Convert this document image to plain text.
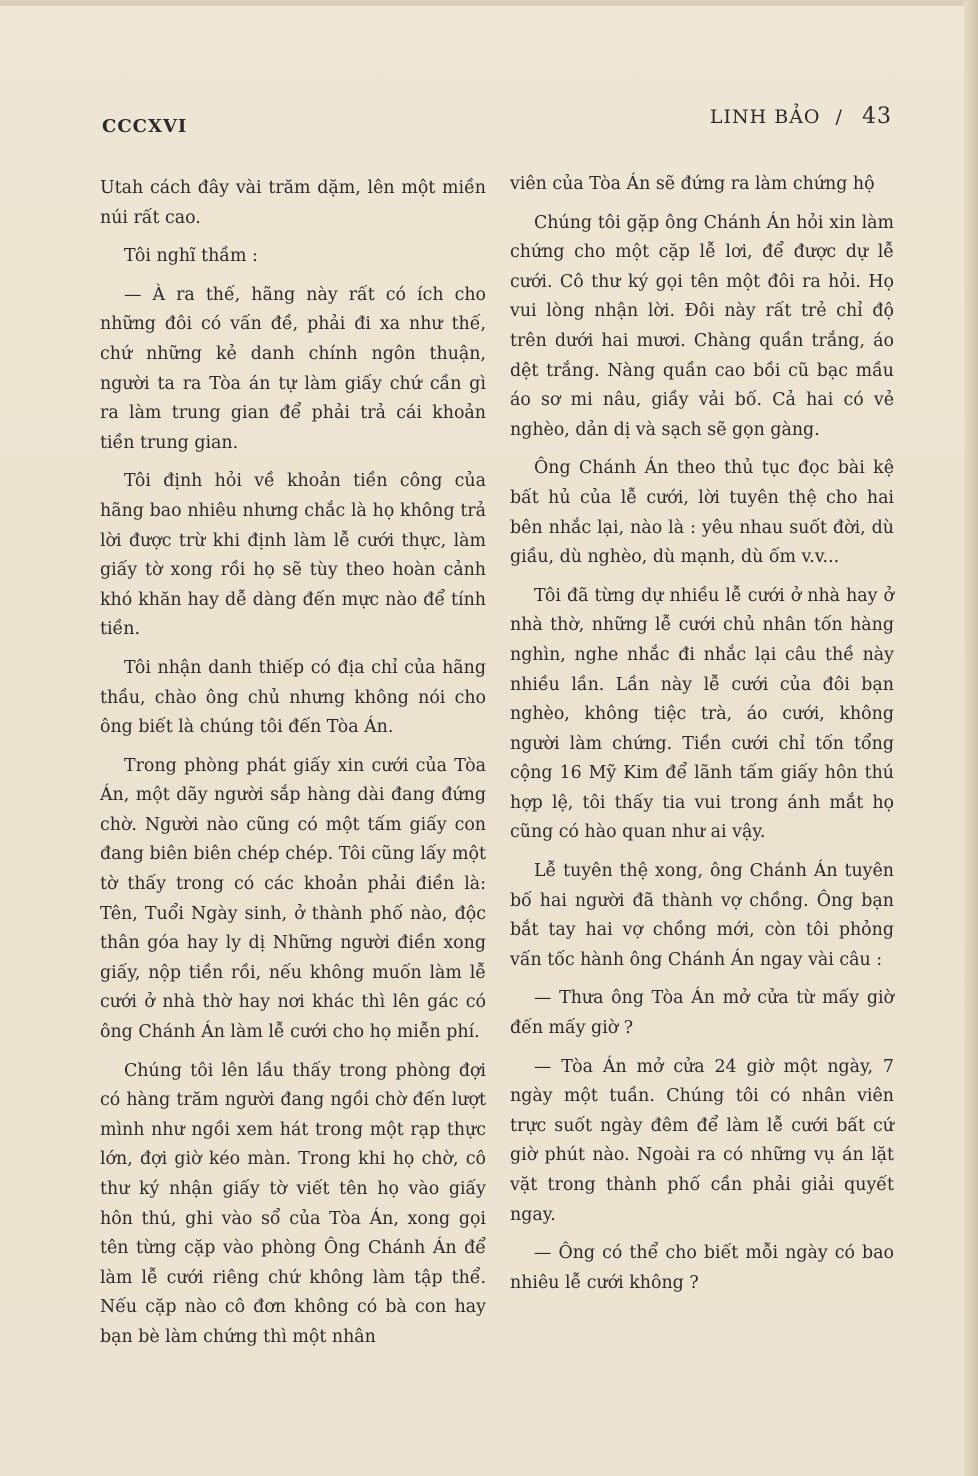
CCCXVI	LINH BẢO / 43

Utah cách đây vài trăm dặm, lên một miền núi rất cao.

Tôi nghĩ thầm :

— À ra thế, hãng này rất có ích cho những đôi có vấn đề, phải đi xa như thế, chứ những kẻ danh chính ngôn thuận, người ta ra Tòa án tự làm giấy chứ cần gì ra làm trung gian để phải trả cái khoản tiền trung gian.

Tôi định hỏi về khoản tiền công của hãng bao nhiêu nhưng chắc là họ không trả lời được trừ khi định làm lễ cưới thực, làm giấy tờ xong rồi họ sẽ tùy theo hoàn cảnh khó khăn hay dễ dàng đến mực nào để tính tiền.

Tôi nhận danh thiếp có địa chỉ của hãng thầu, chào ông chủ nhưng không nói cho ông biết là chúng tôi đến Tòa Án.

Trong phòng phát giấy xin cưới của Tòa Án, một dãy người sắp hàng dài đang đứng chờ. Người nào cũng có một tấm giấy con đang biên biên chép chép. Tôi cũng lấy một tờ thấy trong có các khoản phải điền là: Tên, Tuổi Ngày sinh, ở thành phố nào, độc thân góa hay ly dị Những người điền xong giấy, nộp tiền rồi, nếu không muốn làm lễ cưới ở nhà thờ hay nơi khác thì lên gác có ông Chánh Án làm lễ cưới cho họ miễn phí.

Chúng tôi lên lầu thấy trong phòng đợi có hàng trăm người đang ngồi chờ đến lượt mình như ngồi xem hát trong một rạp thực lớn, đợi giờ kéo màn. Trong khi họ chờ, cô thư ký nhận giấy tờ viết tên họ vào giấy hôn thú, ghi vào sổ của Tòa Án, xong gọi tên từng cặp vào phòng Ông Chánh Án để làm lễ cưới riêng chứ không làm tập thể. Nếu cặp nào cô đơn không có bà con hay bạn bè làm chứng thì một nhân

viên của Tòa Án sẽ đứng ra làm chứng hộ

Chúng tôi gặp ông Chánh Án hỏi xin làm chứng cho một cặp lễ lơi, để được dự lễ cưới. Cô thư ký gọi tên một đôi ra hỏi. Họ vui lòng nhận lời. Đôi này rất trẻ chỉ độ trên dưới hai mươi. Chàng quần trắng, áo dệt trắng. Nàng quần cao bồi cũ bạc mầu áo sơ mi nâu, giầy vải bố. Cả hai có vẻ nghèo, dản dị và sạch sẽ gọn gàng.

Ông Chánh Án theo thủ tục đọc bài kệ bất hủ của lễ cưới, lời tuyên thệ cho hai bên nhắc lại, nào là : yêu nhau suốt đời, dù giầu, dù nghèo, dù mạnh, dù ốm v.v...

Tôi đã từng dự nhiều lễ cưới ở nhà hay ở nhà thờ, những lễ cưới chủ nhân tốn hàng nghìn, nghe nhắc đi nhắc lại câu thề này nhiều lần. Lần này lễ cưới của đôi bạn nghèo, không tiệc trà, áo cưới, không người làm chứng. Tiền cưới chỉ tốn tổng cộng 16 Mỹ Kim để lãnh tấm giấy hôn thú hợp lệ, tôi thấy tia vui trong ánh mắt họ cũng có hào quan như ai vậy.

Lễ tuyên thệ xong, ông Chánh Án tuyên bố hai người đã thành vợ chồng. Ông bạn bắt tay hai vợ chồng mới, còn tôi phỏng vấn tốc hành ông Chánh Án ngay vài câu :

— Thưa ông Tòa Án mở cửa từ mấy giờ đến mấy giờ ?

— Tòa Án mở cửa 24 giờ một ngày, 7 ngày một tuần. Chúng tôi có nhân viên trực suốt ngày đêm để làm lễ cưới bất cứ giờ phút nào. Ngoài ra có những vụ án lặt vặt trong thành phố cần phải giải quyết ngay.

— Ông có thể cho biết mỗi ngày có bao nhiêu lễ cưới không ?
